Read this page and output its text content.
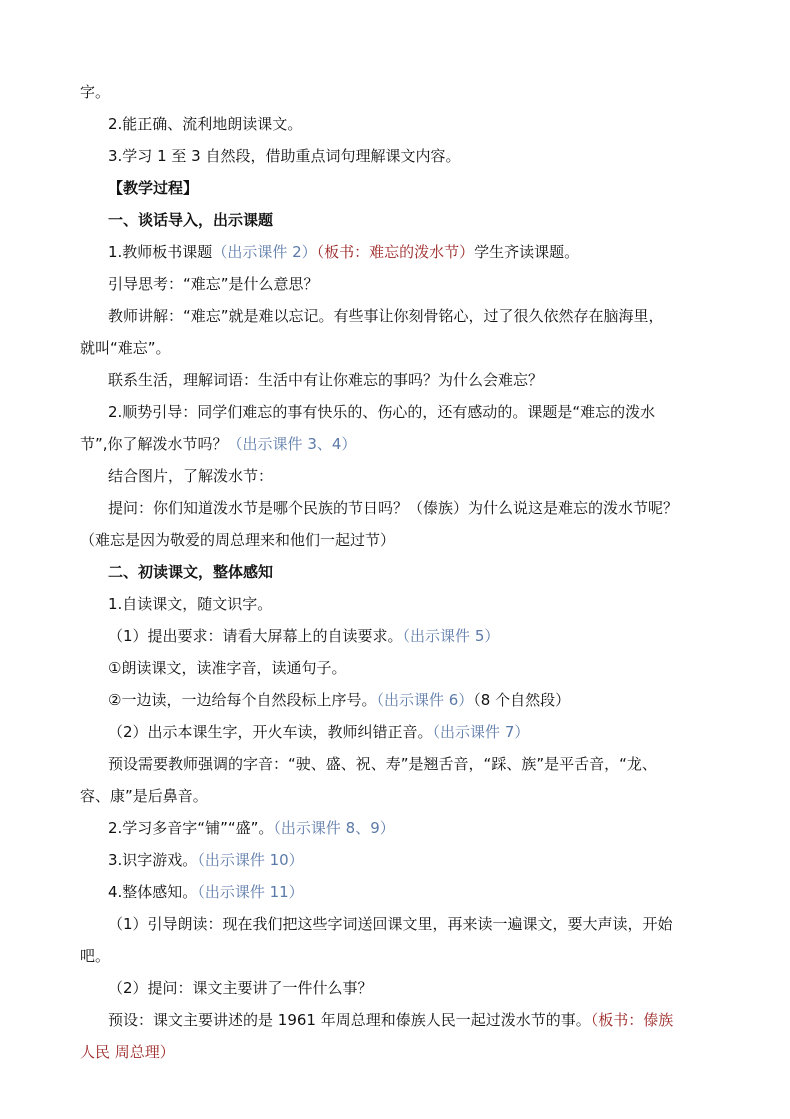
字。
2.能正确、流利地朗读课文。
3.学习 1 至 3 自然段，借助重点词句理解课文内容。
【教学过程】
一、谈话导入，出示课题
1.教师板书课题（出示课件 2）（板书：难忘的泼水节）学生齐读课题。
引导思考：“难忘”是什么意思？
教师讲解：“难忘”就是难以忘记。有些事让你刻骨铭心，过了很久依然存在脑海里，
就叫“难忘”。
联系生活，理解词语：生活中有让你难忘的事吗？为什么会难忘？
2.顺势引导：同学们难忘的事有快乐的、伤心的，还有感动的。课题是“难忘的泼水
节”,你了解泼水节吗？（出示课件 3、4）
结合图片，了解泼水节：
提问：你们知道泼水节是哪个民族的节日吗？（傣族）为什么说这是难忘的泼水节呢？
（难忘是因为敬爱的周总理来和他们一起过节）
二、初读课文，整体感知
1.自读课文，随文识字。
（1）提出要求：请看大屏幕上的自读要求。（出示课件 5）
①朗读课文，读准字音，读通句子。
②一边读，一边给每个自然段标上序号。（出示课件 6）（8 个自然段）
（2）出示本课生字，开火车读，教师纠错正音。（出示课件 7）
预设需要教师强调的字音：“驶、盛、祝、寿”是翘舌音，“踩、族”是平舌音，“龙、
容、康”是后鼻音。
2.学习多音字“铺”“盛”。（出示课件 8、9）
3.识字游戏。（出示课件 10）
4.整体感知。（出示课件 11）
（1）引导朗读：现在我们把这些字词送回课文里，再来读一遍课文，要大声读，开始
吧。
（2）提问：课文主要讲了一件什么事？
预设：课文主要讲述的是 1961 年周总理和傣族人民一起过泼水节的事。（板书：傣族
人民 周总理）
